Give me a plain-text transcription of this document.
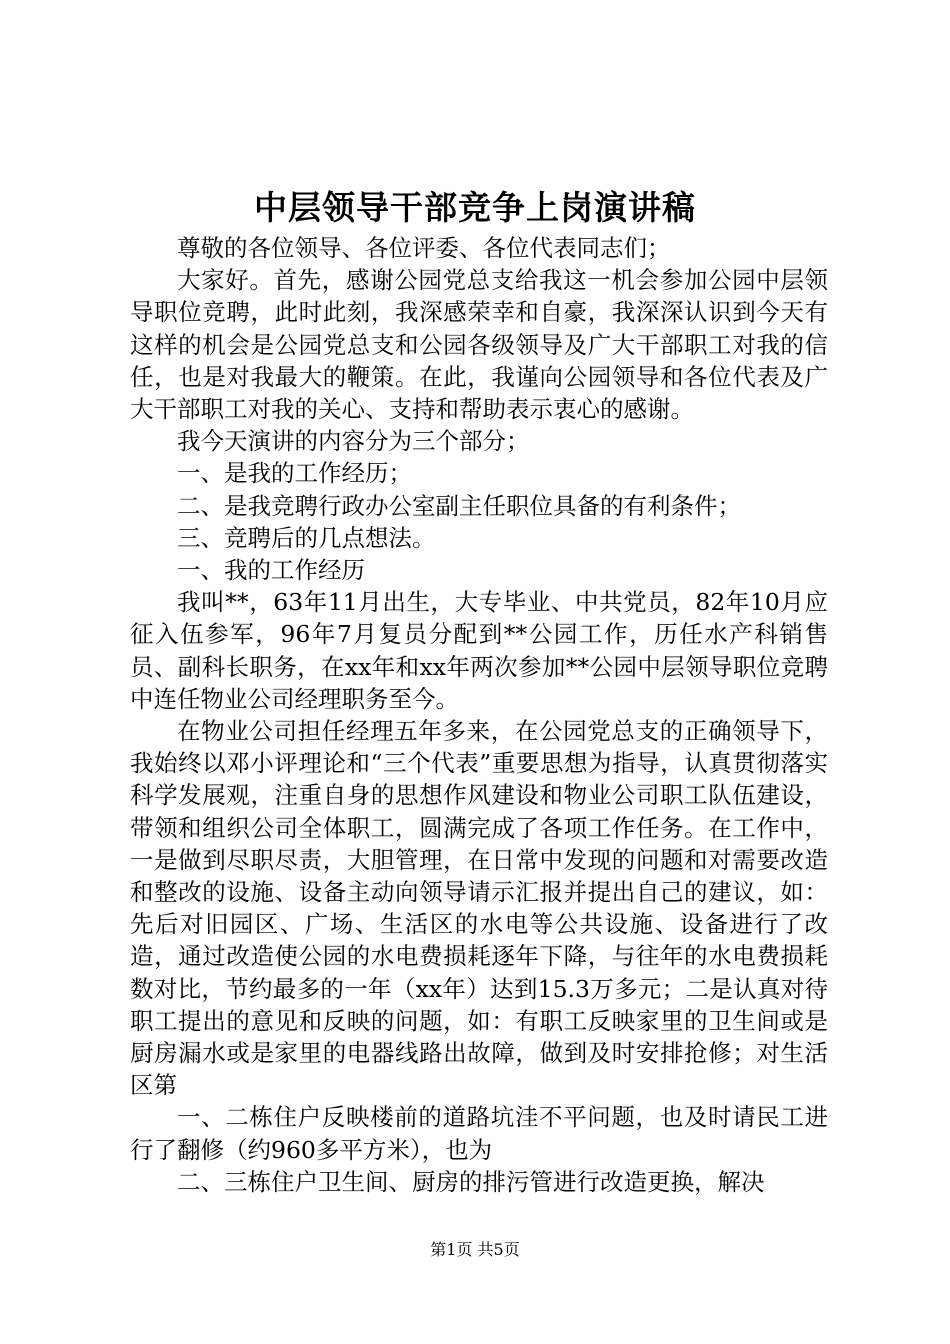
中层领导干部竞争上岗演讲稿

尊敬的各位领导、各位评委、各位代表同志们；

大家好。首先，感谢公园党总支给我这一机会参加公园中层领导职位竞聘，此时此刻，我深感荣幸和自豪，我深深认识到今天有这样的机会是公园党总支和公园各级领导及广大干部职工对我的信任，也是对我最大的鞭策。在此，我谨向公园领导和各位代表及广大干部职工对我的关心、支持和帮助表示衷心的感谢。

我今天演讲的内容分为三个部分；

一、是我的工作经历；

二、是我竞聘行政办公室副主任职位具备的有利条件；

三、竞聘后的几点想法。

一、我的工作经历

我叫**，63年11月出生，大专毕业、中共党员，82年10月应征入伍参军，96年7月复员分配到**公园工作，历任水产科销售员、副科长职务，在xx年和xx年两次参加**公园中层领导职位竞聘中连任物业公司经理职务至今。

在物业公司担任经理五年多来，在公园党总支的正确领导下，我始终以邓小评理论和“三个代表”重要思想为指导，认真贯彻落实科学发展观，注重自身的思想作风建设和物业公司职工队伍建设，带领和组织公司全体职工，圆满完成了各项工作任务。在工作中，一是做到尽职尽责，大胆管理，在日常中发现的问题和对需要改造和整改的设施、设备主动向领导请示汇报并提出自己的建议，如：先后对旧园区、广场、生活区的水电等公共设施、设备进行了改造，通过改造使公园的水电费损耗逐年下降，与往年的水电费损耗数对比，节约最多的一年（xx年）达到15.3万多元；二是认真对待职工提出的意见和反映的问题，如：有职工反映家里的卫生间或是厨房漏水或是家里的电器线路出故障，做到及时安排抢修；对生活区第

一、二栋住户反映楼前的道路坑洼不平问题，也及时请民工进行了翻修（约960多平方米），也为

二、三栋住户卫生间、厨房的排污管进行改造更换，解决

第1页 共5页
